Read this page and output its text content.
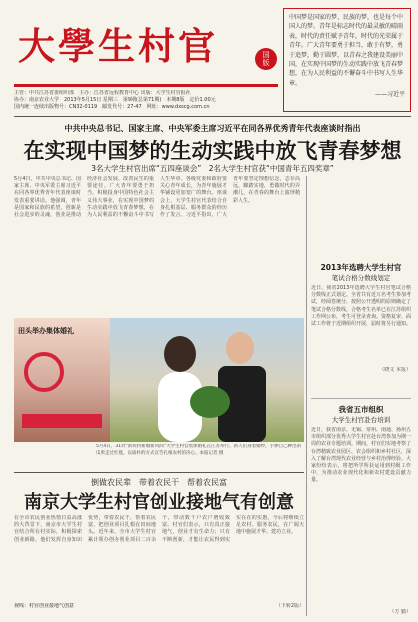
大學生村官	国
版
中国梦是国家的梦、民族的梦，也是每个中国人的梦。青年是标志时代的最灵敏的晴雨表，时代的责任赋予青年，时代的光荣属于青年。广大青年要勇于担当，敢于有梦，勇于追梦，勤于圆梦，以青春之我建设美丽中国，在实现中国梦的生动实践中放飞青春梦想，在为人民利益的不懈奋斗中书写人生华章。
——习近平
主管：中共江苏省委组织部　主办：江苏省远程教育中心 出版：大学生村官报社
协办：南京农业大学　2013年5月15日 星期三　第9期(总第71期)　本期8版　定价1.00元
国内统一连续出版物号：CN32-0119　邮发代号：27-47　网址：www.dxscg.com.cn
中共中央总书记、国家主席、中央军委主席习近平在同各界优秀青年代表座谈时指出
在实现中国梦的生动实践中放飞青春梦想
3名大学生村官出席“五四座谈会”　2名大学生村官获“中国青年五四奖章”
5月4日，中共中央总书记、国家主席、中央军委主席习近平在同各界优秀青年代表座谈时发表重要讲话。他强调，青年是国家和民族的希望，创新是社会进步的灵魂，创业是推动经济社会发展、改善民生的重要途径。广大青年要勇于担当，积极投身中国特色社会主义伟大事业，在实现中国梦的生动实践中放飞青春梦想，在为人民利益的不懈奋斗中书写人生华章。各级党委和政府要关心青年成长，为青年施展才华铺设更加宽广的舞台。座谈会上，大学生村官代表结合自身扎根基层、服务群众的经历作了发言。习近平指出，广大青年要坚定理想信念，志存高远，脚踏实地，勇做时代的弄潮儿，在青春的舞台上演绎精彩人生。
2013年选聘大学生村官
笔试合格分数线划定
近日，我省2013年选聘大学生村官笔试合格分数线正式划定。全省共有近万名考生参加考试，经阅卷统分，按照公开透明的原则确定了笔试合格分数线。合格考生名单已在江苏组织工作网公布，考生可登录查询。资格复审、面试工作将于近期组织开展，届时将另行通知。
（晓文 本报）
我省五市组织
大学生村官赴台培训
近日，我省南京、无锡、常州、南通、扬州五市组织部分优秀大学生村官赴台湾参加为期一周的农业专题培训。期间，村官们实地考察了台湾精致农业园区、农会组织和乡村社区，深入了解台湾现代农业经营与乡村治理经验。大家纷纷表示，将把所学所获运用到村级工作中，为推动农业现代化和新农村建设贡献力量。
（方 勤）
田头举办集体婚礼
5月4日，31对“新农村新婚新风尚”大学生村官集体婚礼在江苏举行。新人们身着婚纱，手捧自己种出的瓜果走过红毯，以质朴的方式宣告扎根农村的决心。本报记者 摄
倒做农民辈　带着农民干　帮着农民富
南京大学生村官创业接地气有创意
在全市农民创业热情日益高涨的大背景下，南京市大学生村官结合所在村实际，积极探索创业新路。他们发挥自身知识优势，带着农民干，帮着农民富，把创业项目扎根在田间地头。近年来，全市大学生村官累计领办创办创业项目二百余个，带动数千户农户增收致富。村官们表示，只有真正接地气，创业才有生命力；只有不断创新，才能让农民得到实实在在的实惠。今后将继续立足农村、服务农民，在广阔天地中施展才华、建功立业。
（下转2版）
视线：村官创业接地气创意
